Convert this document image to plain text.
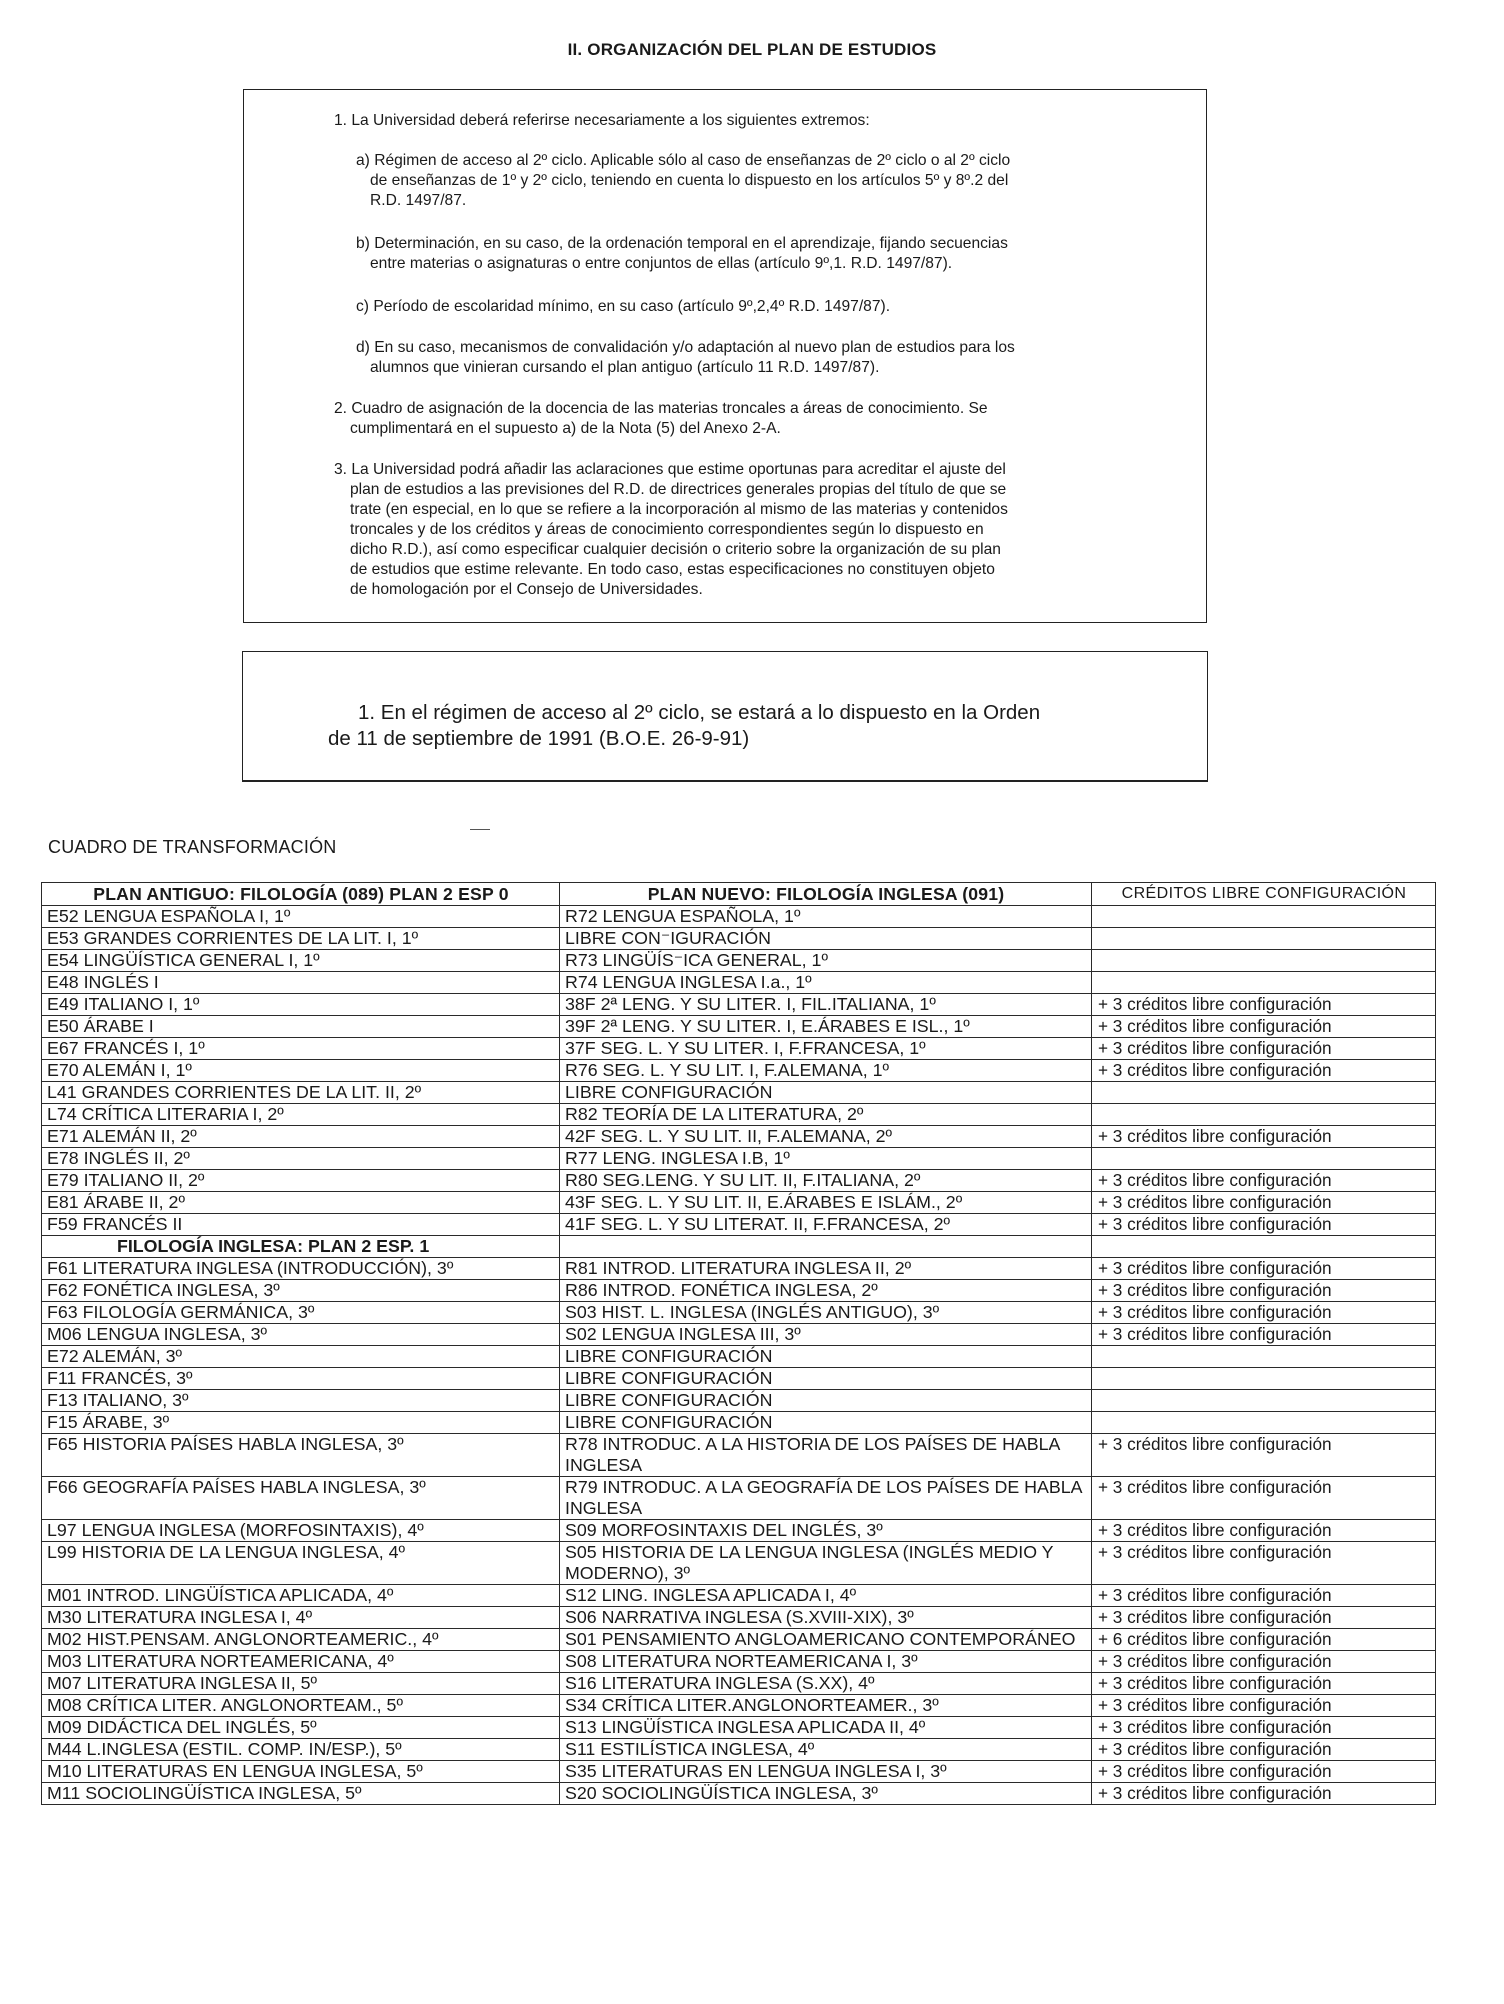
II. ORGANIZACIÓN DEL PLAN DE ESTUDIOS

1. La Universidad deberá referirse necesariamente a los siguientes extremos:

a) Régimen de acceso al 2º ciclo. Aplicable sólo al caso de enseñanzas de 2º ciclo o al 2º ciclo

de enseñanzas de 1º y 2º ciclo, teniendo en cuenta lo dispuesto en los artículos 5º y 8º.2 del

R.D. 1497/87.

b) Determinación, en su caso, de la ordenación temporal en el aprendizaje, fijando secuencias

entre materias o asignaturas o entre conjuntos de ellas (artículo 9º,1. R.D. 1497/87).

c) Período de escolaridad mínimo, en su caso (artículo 9º,2,4º R.D. 1497/87).

d) En su caso, mecanismos de convalidación y/o adaptación al nuevo plan de estudios para los

alumnos que vinieran cursando el plan antiguo (artículo 11 R.D. 1497/87).

2. Cuadro de asignación de la docencia de las materias troncales a áreas de conocimiento. Se

cumplimentará en el supuesto a) de la Nota (5) del Anexo 2-A.

3. La Universidad podrá añadir las aclaraciones que estime oportunas para acreditar el ajuste del

plan de estudios a las previsiones del R.D. de directrices generales propias del título de que se

trate (en especial, en lo que se refiere a la incorporación al mismo de las materias y contenidos

troncales y de los créditos y áreas de conocimiento correspondientes según lo dispuesto en

dicho R.D.), así como especificar cualquier decisión o criterio sobre la organización de su plan

de estudios que estime relevante. En todo caso, estas especificaciones no constituyen objeto

de homologación por el Consejo de Universidades.

1. En el régimen de acceso al 2º ciclo, se estará a lo dispuesto en la Orden
de 11 de septiembre de 1991 (B.O.E. 26-9-91)

CUADRO DE TRANSFORMACIÓN
PLAN ANTIGUO: FILOLOGÍA (089) PLAN 2 ESP 0	PLAN NUEVO: FILOLOGÍA INGLESA (091)	CRÉDITOS LIBRE CONFIGURACIÓN
E52 LENGUA ESPAÑOLA I, 1º	R72 LENGUA ESPAÑOLA, 1º	
E53 GRANDES CORRIENTES DE LA LIT. I, 1º	LIBRE CON⁻IGURACIÓN	
E54 LINGÜÍSTICA GENERAL I, 1º	R73 LINGÜÍS⁻ICA GENERAL, 1º	
E48 INGLÉS I	R74 LENGUA INGLESA I.a., 1º	
E49 ITALIANO I, 1º	38F 2ª LENG. Y SU LITER. I, FIL.ITALIANA, 1º	+ 3 créditos libre configuración
E50 ÁRABE I	39F 2ª LENG. Y SU LITER. I, E.ÁRABES E ISL., 1º	+ 3 créditos libre configuración
E67 FRANCÉS I, 1º	37F SEG. L. Y SU LITER. I, F.FRANCESA, 1º	+ 3 créditos libre configuración
E70 ALEMÁN I, 1º	R76 SEG. L. Y SU LIT. I, F.ALEMANA, 1º	+ 3 créditos libre configuración
L41 GRANDES CORRIENTES DE LA LIT. II, 2º	LIBRE CONFIGURACIÓN	
L74 CRÍTICA LITERARIA I, 2º	R82 TEORÍA DE LA LITERATURA, 2º	
E71 ALEMÁN II, 2º	42F SEG. L. Y SU LIT. II, F.ALEMANA, 2º	+ 3 créditos libre configuración
E78 INGLÉS II, 2º	R77 LENG. INGLESA I.B, 1º	
E79 ITALIANO II, 2º	R80 SEG.LENG. Y SU LIT. II, F.ITALIANA, 2º	+ 3 créditos libre configuración
E81 ÁRABE II, 2º	43F SEG. L. Y SU LIT. II, E.ÁRABES E ISLÁM., 2º	+ 3 créditos libre configuración
F59 FRANCÉS II	41F SEG. L. Y SU LITERAT. II, F.FRANCESA, 2º	+ 3 créditos libre configuración
FILOLOGÍA INGLESA: PLAN 2 ESP. 1		
F61 LITERATURA INGLESA (INTRODUCCIÓN), 3º	R81 INTROD. LITERATURA INGLESA II, 2º	+ 3 créditos libre configuración
F62 FONÉTICA INGLESA, 3º	R86 INTROD. FONÉTICA INGLESA, 2º	+ 3 créditos libre configuración
F63 FILOLOGÍA GERMÁNICA, 3º	S03 HIST. L. INGLESA (INGLÉS ANTIGUO), 3º	+ 3 créditos libre configuración
M06 LENGUA INGLESA, 3º	S02 LENGUA INGLESA III, 3º	+ 3 créditos libre configuración
E72 ALEMÁN, 3º	LIBRE CONFIGURACIÓN	
F11 FRANCÉS, 3º	LIBRE CONFIGURACIÓN	
F13 ITALIANO, 3º	LIBRE CONFIGURACIÓN	
F15 ÁRABE, 3º	LIBRE CONFIGURACIÓN	
F65 HISTORIA PAÍSES HABLA INGLESA, 3º	R78 INTRODUC. A LA HISTORIA DE LOS PAÍSES DE HABLA INGLESA	+ 3 créditos libre configuración
F66 GEOGRAFÍA PAÍSES HABLA INGLESA, 3º	R79 INTRODUC. A LA GEOGRAFÍA DE LOS PAÍSES DE HABLA INGLESA	+ 3 créditos libre configuración
L97 LENGUA INGLESA (MORFOSINTAXIS), 4º	S09 MORFOSINTAXIS DEL INGLÉS, 3º	+ 3 créditos libre configuración
L99 HISTORIA DE LA LENGUA INGLESA, 4º	S05 HISTORIA DE LA LENGUA INGLESA (INGLÉS MEDIO Y MODERNO), 3º	+ 3 créditos libre configuración
M01 INTROD. LINGÜÍSTICA APLICADA, 4º	S12 LING. INGLESA APLICADA I, 4º	+ 3 créditos libre configuración
M30 LITERATURA INGLESA I, 4º	S06 NARRATIVA INGLESA (S.XVIII-XIX), 3º	+ 3 créditos libre configuración
M02 HIST.PENSAM. ANGLONORTEAMERIC., 4º	S01 PENSAMIENTO ANGLOAMERICANO CONTEMPORÁNEO	+ 6 créditos libre configuración
M03 LITERATURA NORTEAMERICANA, 4º	S08 LITERATURA NORTEAMERICANA I, 3º	+ 3 créditos libre configuración
M07 LITERATURA INGLESA II, 5º	S16 LITERATURA INGLESA (S.XX), 4º	+ 3 créditos libre configuración
M08 CRÍTICA LITER. ANGLONORTEAM., 5º	S34 CRÍTICA LITER.ANGLONORTEAMER., 3º	+ 3 créditos libre configuración
M09 DIDÁCTICA DEL INGLÉS, 5º	S13 LINGÜÍSTICA INGLESA APLICADA II, 4º	+ 3 créditos libre configuración
M44 L.INGLESA (ESTIL. COMP. IN/ESP.), 5º	S11 ESTILÍSTICA INGLESA, 4º	+ 3 créditos libre configuración
M10 LITERATURAS EN LENGUA INGLESA, 5º	S35 LITERATURAS EN LENGUA INGLESA I, 3º	+ 3 créditos libre configuración
M11 SOCIOLINGÜÍSTICA INGLESA, 5º	S20 SOCIOLINGÜÍSTICA INGLESA, 3º	+ 3 créditos libre configuración
